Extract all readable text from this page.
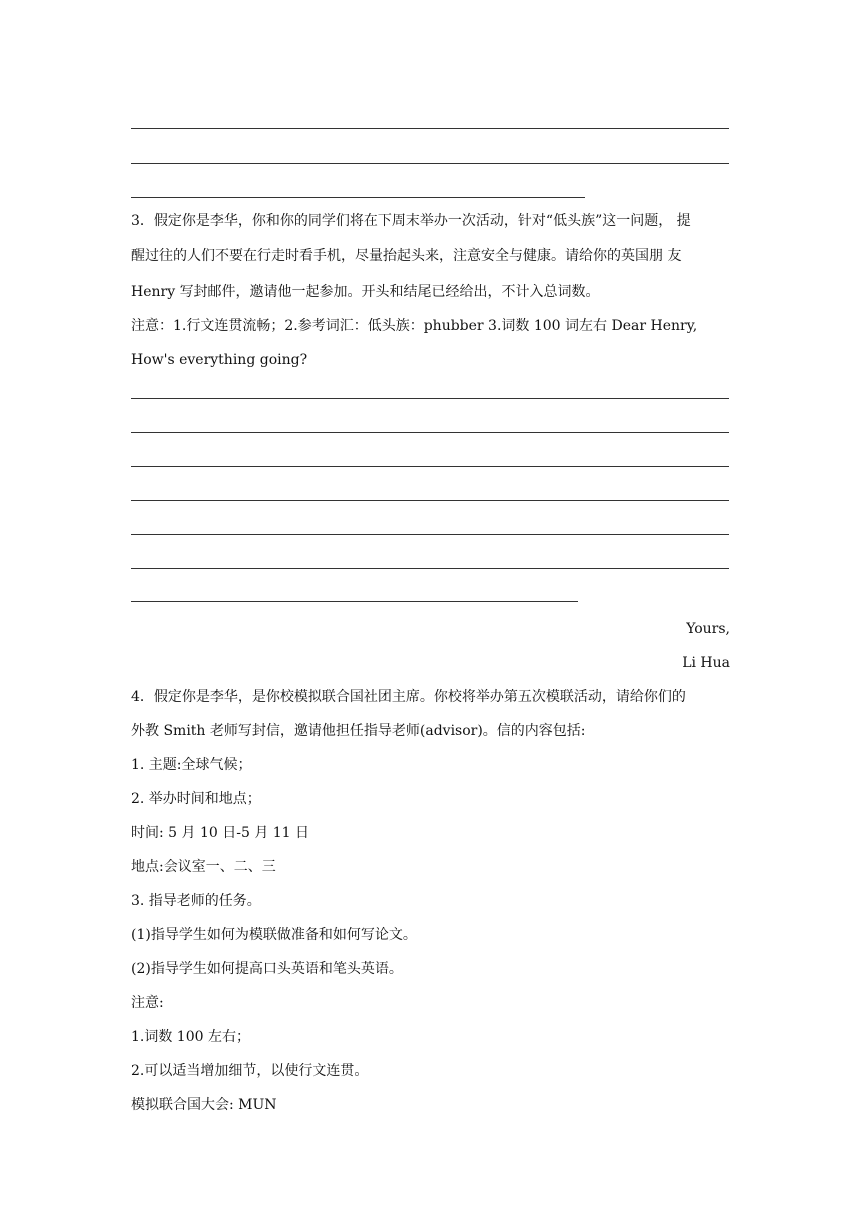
3．假定你是李华，你和你的同学们将在下周末举办一次活动，针对“低头族”这一问题， 提
醒过往的人们不要在行走时看手机，尽量抬起头来，注意安全与健康。请给你的英国朋 友
Henry 写封邮件，邀请他一起参加。开头和结尾已经给出，不计入总词数。
注意：1.行文连贯流畅；2.参考词汇：低头族：phubber 3.词数 100 词左右 Dear Henry,
How's everything going?
Yours,
Li Hua
4．假定你是李华，是你校模拟联合国社团主席。你校将举办第五次模联活动，请给你们的
外教 Smith 老师写封信，邀请他担任指导老师(advisor)。信的内容包括:
1. 主题:全球气候；
2. 举办时间和地点；
时间: 5 月 10 日-5 月 11 日
地点:会议室一、二、三
3. 指导老师的任务。
(1)指导学生如何为模联做准备和如何写论文。
(2)指导学生如何提高口头英语和笔头英语。
注意:
1.词数 100 左右；
2.可以适当增加细节，以使行文连贯。
模拟联合国大会: MUN
